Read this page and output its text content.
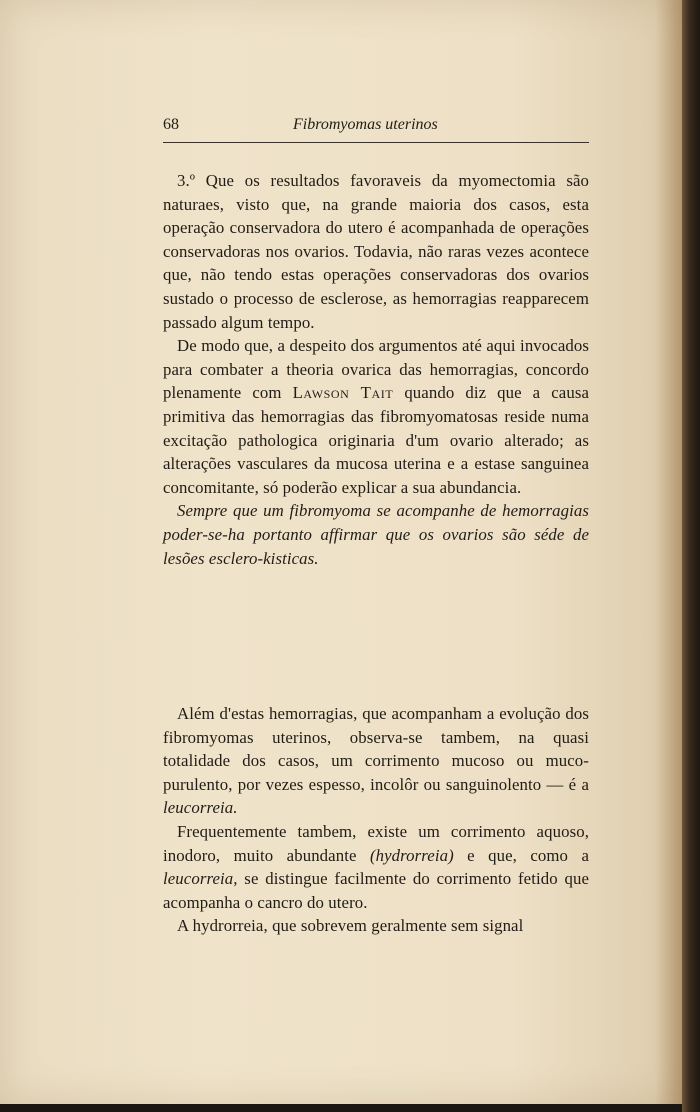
68	Fibromyomas uterinos

3.º Que os resultados favoraveis da myomectomia são naturaes, visto que, na grande maioria dos casos, esta operação conservadora do utero é acompanhada de operações conservadoras nos ovarios. Todavia, não raras vezes acontece que, não tendo estas operações conservadoras dos ovarios sustado o processo de esclerose, as hemorragias reapparecem passado algum tempo.

De modo que, a despeito dos argumentos até aqui invocados para combater a theoria ovarica das hemorragias, concordo plenamente com Lawson Tait quando diz que a causa primitiva das hemorragias das fibromyomatosas reside numa excitação pathologica originaria d'um ovario alterado; as alterações vasculares da mucosa uterina e a estase sanguinea concomitante, só poderão explicar a sua abundancia.

Sempre que um fibromyoma se acompanhe de hemorragias poder-se-ha portanto affirmar que os ovarios são séde de lesões esclero-kisticas.

Além d'estas hemorragias, que acompanham a evolução dos fibromyomas uterinos, observa-se tambem, na quasi totalidade dos casos, um corrimento mucoso ou muco-purulento, por vezes espesso, incolôr ou sanguinolento — é a leucorreia.

Frequentemente tambem, existe um corrimento aquoso, inodoro, muito abundante (hydrorreia) e que, como a leucorreia, se distingue facilmente do corrimento fetido que acompanha o cancro do utero.

A hydrorreia, que sobrevem geralmente sem signal
